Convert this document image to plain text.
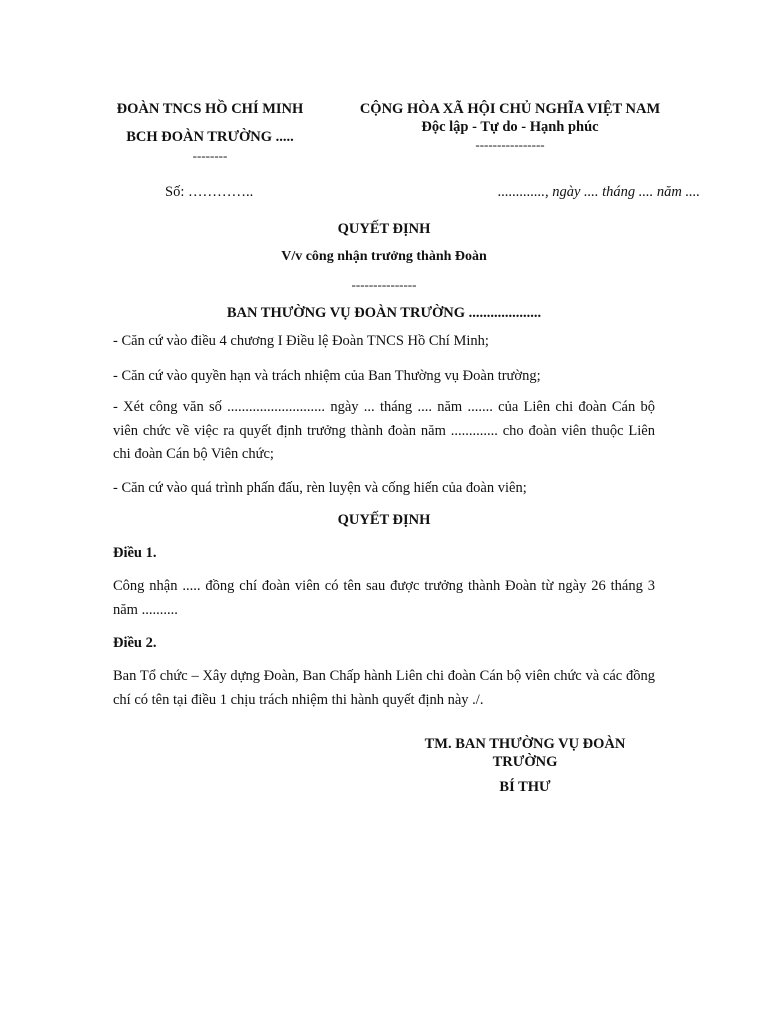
ĐOÀN TNCS HỒ CHÍ MINH
BCH ĐOÀN TRƯỜNG .....
--------
CỘNG HÒA XÃ HỘI CHỦ NGHĨA VIỆT NAM
Độc lập - Tự do - Hạnh phúc
----------------
Số: …………..	............., ngày .... tháng .... năm ....
QUYẾT ĐỊNH
V/v công nhận trưởng thành Đoàn
---------------
BAN THƯỜNG VỤ ĐOÀN TRƯỜNG ....................
- Căn cứ vào điều 4 chương I Điều lệ Đoàn TNCS Hồ Chí Minh;
- Căn cứ vào quyền hạn và trách nhiệm của Ban Thường vụ Đoàn trường;
- Xét công văn số ........................... ngày ... tháng .... năm ....... của Liên chi đoàn Cán bộ viên chức về việc ra quyết định trưởng thành đoàn năm ............. cho đoàn viên thuộc Liên chi đoàn Cán bộ Viên chức;
- Căn cứ vào quá trình phấn đấu, rèn luyện và cống hiến của đoàn viên;
QUYẾT ĐỊNH
Điều 1.
Công nhận ..... đồng chí đoàn viên có tên sau được trưởng thành Đoàn từ ngày 26 tháng 3 năm ..........
Điều 2.
Ban Tổ chức – Xây dựng Đoàn, Ban Chấp hành Liên chi đoàn Cán bộ viên chức và các đồng chí có tên tại điều 1 chịu trách nhiệm thi hành quyết định này ./.
TM. BAN THƯỜNG VỤ ĐOÀN
TRƯỜNG
BÍ THƯ
